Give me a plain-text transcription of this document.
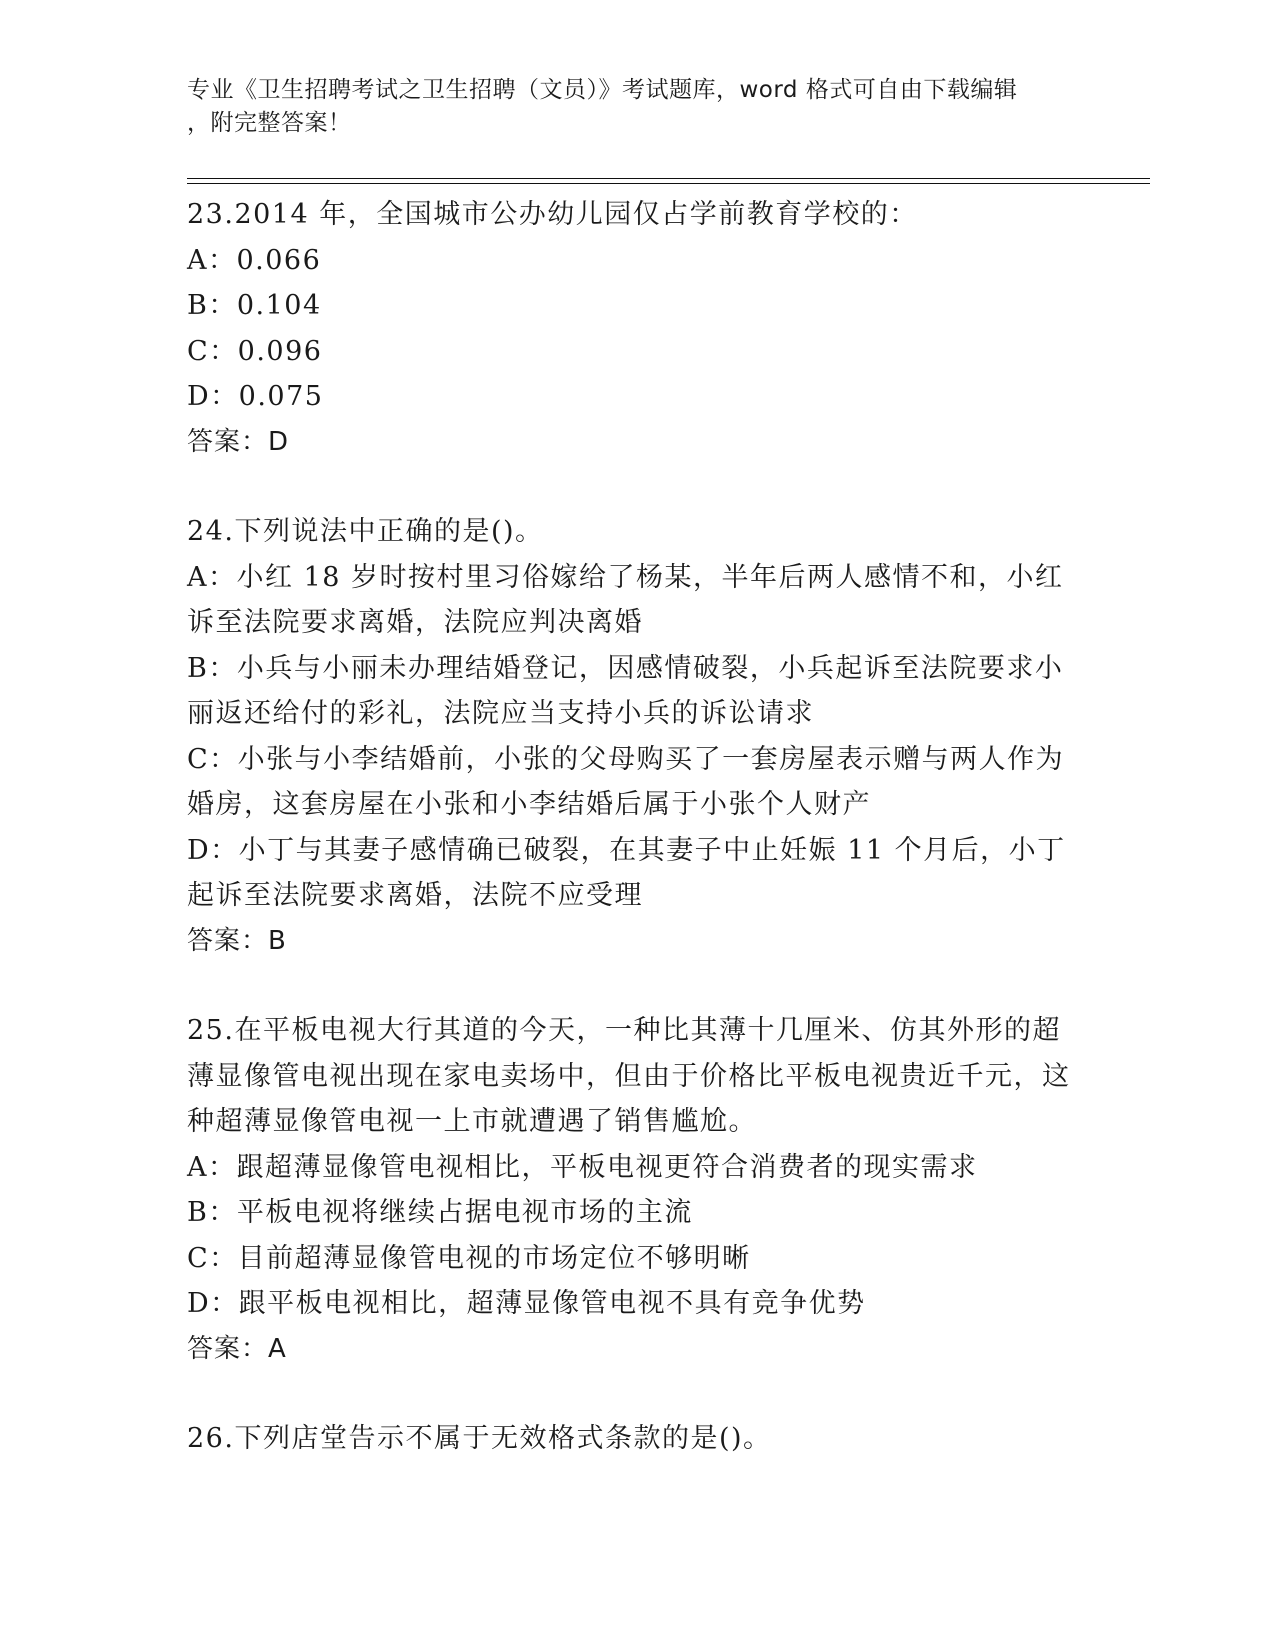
专业《卫生招聘考试之卫生招聘（文员）》考试题库，word 格式可自由下载编辑
，附完整答案！
23.2014 年，全国城市公办幼儿园仅占学前教育学校的：
A：0.066
B：0.104
C：0.096
D：0.075
答案：D
24.下列说法中正确的是()。
A：小红 18 岁时按村里习俗嫁给了杨某，半年后两人感情不和，小红诉至法院要求离婚，法院应判决离婚
B：小兵与小丽未办理结婚登记，因感情破裂，小兵起诉至法院要求小丽返还给付的彩礼，法院应当支持小兵的诉讼请求
C：小张与小李结婚前，小张的父母购买了一套房屋表示赠与两人作为婚房，这套房屋在小张和小李结婚后属于小张个人财产
D：小丁与其妻子感情确已破裂，在其妻子中止妊娠 11 个月后，小丁起诉至法院要求离婚，法院不应受理
答案：B
25.在平板电视大行其道的今天，一种比其薄十几厘米、仿其外形的超薄显像管电视出现在家电卖场中，但由于价格比平板电视贵近千元，这种超薄显像管电视一上市就遭遇了销售尴尬。
A：跟超薄显像管电视相比，平板电视更符合消费者的现实需求
B：平板电视将继续占据电视市场的主流
C：目前超薄显像管电视的市场定位不够明晰
D：跟平板电视相比，超薄显像管电视不具有竞争优势
答案：A
26.下列店堂告示不属于无效格式条款的是()。
